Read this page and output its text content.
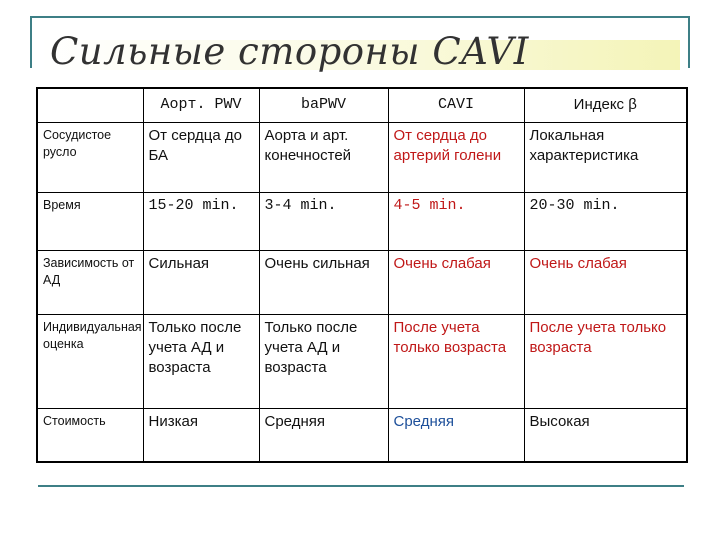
Сильные стороны CAVI
	Аорт. PWV	baPWV	CAVI	Индекс β
Сосудистое русло	От сердца до БА	Аорта и арт. конечностей	От сердца до артерий голени	Локальная характеристика
Время	15-20 min.	3-4 min.	4-5 min.	20-30 min.
Зависимость от АД	Сильная	Очень сильная	Очень слабая	Очень слабая
Индивидуальная оценка	Только после учета АД и возраста	Только после учета АД и возраста	После учета только возраста	После учета только возраста
Стоимость	Низкая	Средняя	Средняя	Высокая
